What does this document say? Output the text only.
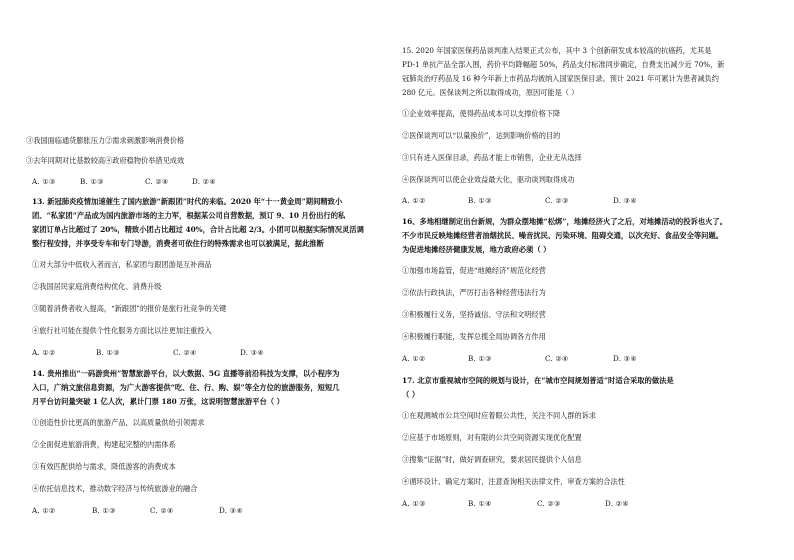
③我国面临通货膨胀压力②需求刺激影响消费价格
③去年同期对比基数较高④政府稳物价举措见成效
A. ①③	B. ①③	C. ②④	D. ②④
13. 新冠肺炎疫情加速催生了国内旅游“新跟团”时代的来临。2020 年“十一黄金周”期间精致小
团、“私家团”产品成为国内旅游市场的主力军，根据某公司自营数据，预订 9、10 月份出行的私
家团订单占比超过了 20%，精致小团占比超过 40%，合计占比超 2/3。小团可以根据实际情况灵活调
整行程安排，并享受专车和专门导游，消费者可依住行的特殊需求也可以被满足，据此推断
①对大部分中低收入者而言，私家团与跟团游是互补商品
②我国居民家庭消费结构优化、消费升级
③随着消费者收入提高，“新跟团”的报价是旅行社竞争的关键
④旅行社可能在提供个性化服务方面比以往更加注重投入
A. ①②	B. ①③	C. ②④	D. ③④
14. 贵州推出“一码游贵州”智慧旅游平台，以大数据、5G 直播等前沿科技为支撑，以小程序为
入口，广纳文旅信息资源，为广大游客提供“吃、住、行、购、娱”等全方位的旅游服务，短短几
月平台访问量突破 1 亿人次，累计门票 180 万张，这说明智慧旅游平台（ ）
①创造性价比更高的旅游产品，以高质量供给引领需求
②全面促进旅游消费，构建起完整的内需体系
③有效匹配供给与需求，降低游客的消费成本
④依托信息技术，推动数字经济与传统旅游业的融合
A. ①②	B. ①③	C. ②④	D. ③④
15. 2020 年国家医保药品谈判准入结果正式公布，其中 3 个创新研发成本较高的抗癌药，尤其是
PD-1 单抗产品全部入围，药价平均降幅超 50%，药品支付标准同步确定，自费支出减少近 70%，新
冠肺炎治疗药品及 16 种今年新上市药品均被纳入国家医保目录。预计 2021 年可累计为患者减负约
280 亿元。医保谈判之所以取得成功，原因可能是（ ）
①企业效率提高，使得药品成本可以支撑价格下降
②医保谈判可以“以量换价”，达到影响价格的目的
③只有进入医保目录，药品才能上市销售，企业无从选择
④医保谈判可以使企业效益最大化，驱动谈判取得成功
A. ①②	B. ①③	C. ②③	D. ③④
16、多地相继制定出台新规，为群众摆地摊“松绑”，地摊经济火了之后，对地摊活动的投诉也火了。
不少市民反映地摊经营者油烟扰民、噪音扰民、污染环境、阻碍交通，以次充好、食品安全等问题。
为促进地摊经济健康发展，地方政府必须（ ）
①加强市场监管，促进“地摊经济”规范化经营
②依法行政执法，严厉打击各种经营违法行为
③积极履行义务，坚持诚信、守法和文明经营
④积极履行职能，发挥总揽全局协调各方作用
A. ①②	B. ①③	C. ②④	D. ③④
17. 北京市重视城市空间的规划与设计，在“城市空间规划普适”时适合采取的做法是
（ ）
①在观测城市公共空间时应着眼公共性，关注不同人群的诉求
②应基于市场原则，对有限的公共空间资源实现优化配置
③搜集“证据”时，做好调查研究，要求居民提供个人信息
④循环设计、确定方案时，注意查询相关法律文件，审查方案的合法性
A. ①③	B. ①④	C. ②③	D. ②④
